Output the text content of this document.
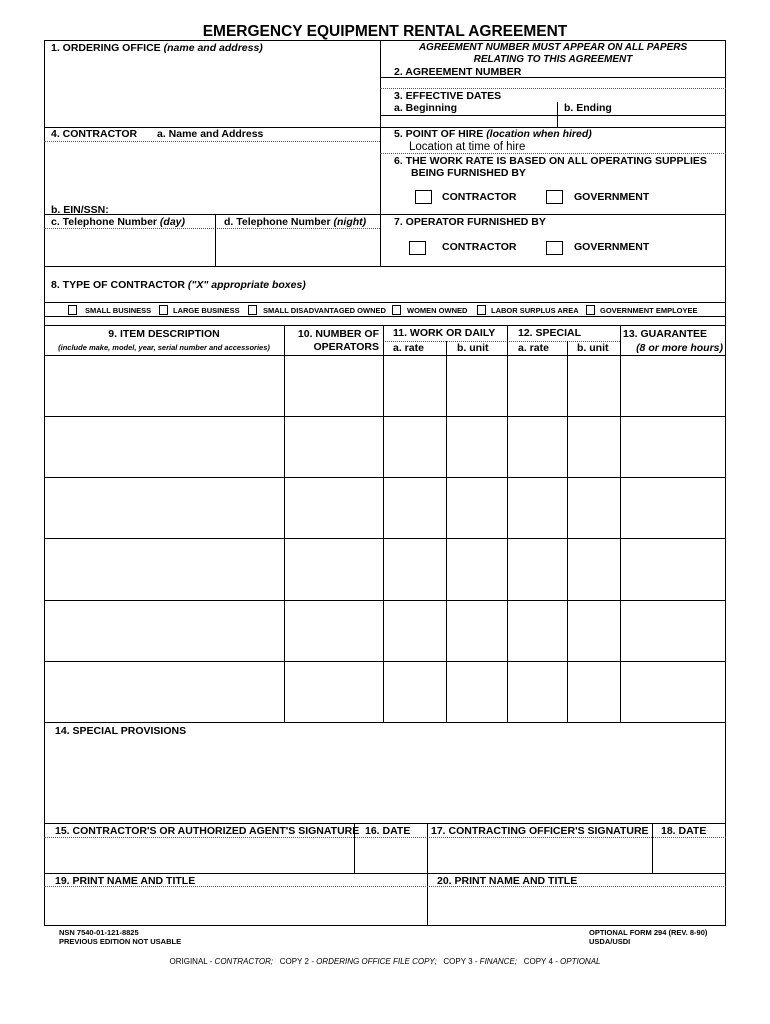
EMERGENCY EQUIPMENT RENTAL AGREEMENT
1. ORDERING OFFICE (name and address)	AGREEMENT NUMBER MUST APPEAR ON ALL PAPERS
RELATING TO THIS AGREEMENT
2. AGREEMENT NUMBER
3. EFFECTIVE DATES
a. Beginning	b. Ending
4. CONTRACTOR a. Name and Address
b. EIN/SSN:
c. Telephone Number (day)	d. Telephone Number (night)
5. POINT OF HIRE (location when hired)
Location at time of hire
6. THE WORK RATE IS BASED ON ALL OPERATING SUPPLIES
BEING FURNISHED BY
CONTRACTOR	GOVERNMENT
7. OPERATOR FURNISHED BY
CONTRACTOR	GOVERNMENT
8. TYPE OF CONTRACTOR ("X" appropriate boxes)
SMALL BUSINESS	LARGE BUSINESS	SMALL DISADVANTAGED OWNED	WOMEN OWNED	LABOR SURPLUS AREA	GOVERNMENT EMPLOYEE
9. ITEM DESCRIPTION
(include make, model, year, serial number and accessories)
10. NUMBER OF
OPERATORS
11. WORK OR DAILY
a. rate	b. unit
12. SPECIAL
a. rate	b. unit
13. GUARANTEE
(8 or more hours)
14. SPECIAL PROVISIONS
15. CONTRACTOR'S OR AUTHORIZED AGENT'S SIGNATURE 16. DATE 17. CONTRACTING OFFICER'S SIGNATURE 18. DATE
19. PRINT NAME AND TITLE	20. PRINT NAME AND TITLE
NSN 7540-01-121-8825
PREVIOUS EDITION NOT USABLE
OPTIONAL FORM 294 (REV. 8-90)
USDA/USDI
ORIGINAL - CONTRACTOR; COPY 2 - ORDERING OFFICE FILE COPY; COPY 3 - FINANCE; COPY 4 - OPTIONAL
